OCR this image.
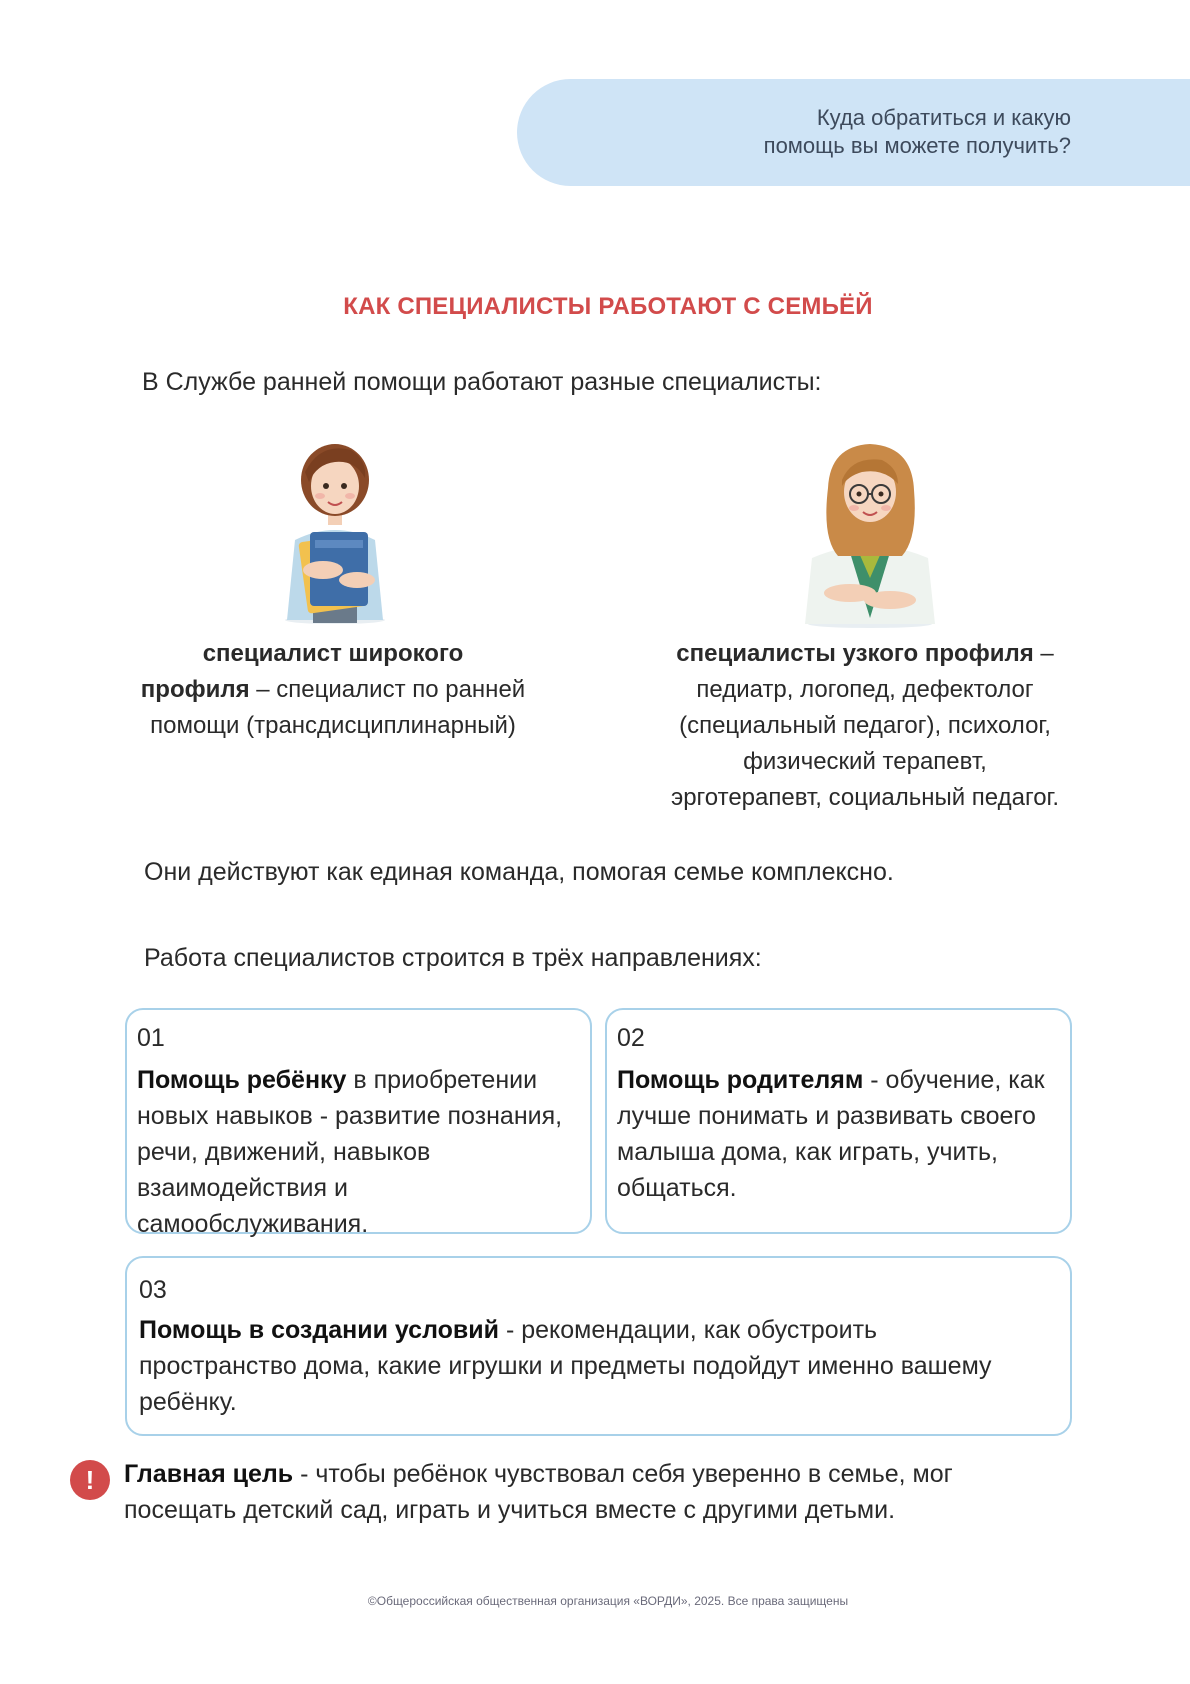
Куда обратиться и какую
помощь вы можете получить?
КАК СПЕЦИАЛИСТЫ РАБОТАЮТ С СЕМЬЁЙ
В Службе ранней помощи работают разные специалисты:
специалист широкого
профиля – специалист по ранней
помощи (трансдисциплинарный)
специалисты узкого профиля –
педиатр, логопед, дефектолог
(специальный педагог), психолог,
физический терапевт,
эрготерапевт, социальный педагог.
Они действуют как единая команда, помогая семье комплексно.
Работа специалистов строится в трёх направлениях:
01
Помощь ребёнку в приобретении
новых навыков - развитие познания,
речи, движений, навыков
взаимодействия и самообслуживания.
02
Помощь родителям - обучение, как
лучше понимать и развивать своего
малыша дома, как играть, учить,
общаться.
03
Помощь в создании условий - рекомендации, как обустроить
пространство дома, какие игрушки и предметы подойдут именно вашему
ребёнку.
!	Главная цель - чтобы ребёнок чувствовал себя уверенно в семье, мог
посещать детский сад, играть и учиться вместе с другими детьми.
©Общероссийская общественная организация «ВОРДИ», 2025. Все права защищены
